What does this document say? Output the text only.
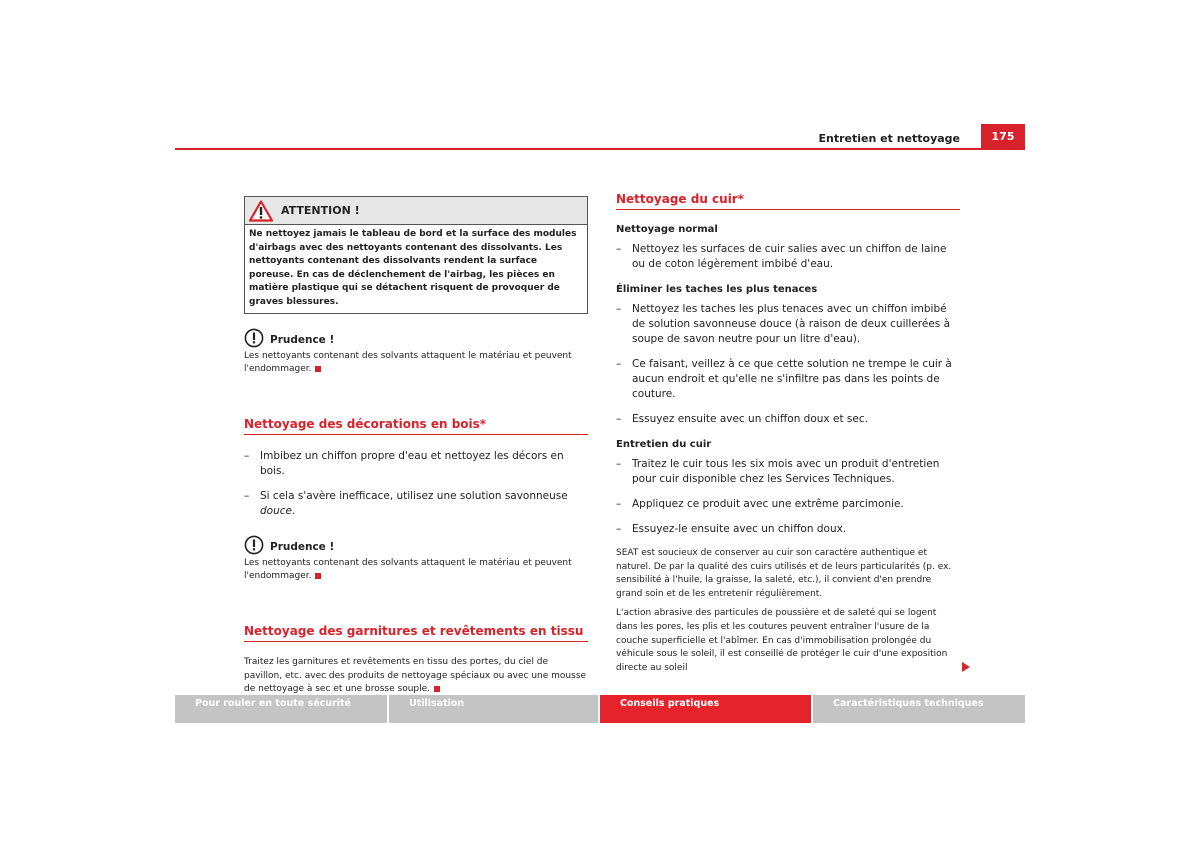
Entretien et nettoyage	175
ATTENTION !
Ne nettoyez jamais le tableau de bord et la surface des modules d'airbags avec des nettoyants contenant des dissolvants. Les nettoyants contenant des dissolvants rendent la surface poreuse. En cas de déclenchement de l'airbag, les pièces en matière plastique qui se détachent risquent de provoquer de graves blessures.
Prudence !
Les nettoyants contenant des solvants attaquent le matériau et peuvent l'endommager.
Nettoyage des décorations en bois*
– Imbibez un chiffon propre d'eau et nettoyez les décors en bois.
– Si cela s'avère inefficace, utilisez une solution savonneuse douce.
Prudence !
Les nettoyants contenant des solvants attaquent le matériau et peuvent l'endommager.
Nettoyage des garnitures et revêtements en tissu
Traitez les garnitures et revêtements en tissu des portes, du ciel de pavillon, etc. avec des produits de nettoyage spéciaux ou avec une mousse de nettoyage à sec et une brosse souple.
Nettoyage du cuir*
Nettoyage normal
– Nettoyez les surfaces de cuir salies avec un chiffon de laine ou de coton légèrement imbibé d'eau.
Éliminer les taches les plus tenaces
– Nettoyez les taches les plus tenaces avec un chiffon imbibé de solution savonneuse douce (à raison de deux cuillerées à soupe de savon neutre pour un litre d'eau).
– Ce faisant, veillez à ce que cette solution ne trempe le cuir à aucun endroit et qu'elle ne s'infiltre pas dans les points de couture.
– Essuyez ensuite avec un chiffon doux et sec.
Entretien du cuir
– Traitez le cuir tous les six mois avec un produit d'entretien pour cuir disponible chez les Services Techniques.
– Appliquez ce produit avec une extrême parcimonie.
– Essuyez-le ensuite avec un chiffon doux.
SEAT est soucieux de conserver au cuir son caractère authentique et naturel. De par la qualité des cuirs utilisés et de leurs particularités (p. ex. sensibilité à l'huile, la graisse, la saleté, etc.), il convient d'en prendre grand soin et de les entretenir régulièrement.
L'action abrasive des particules de poussière et de saleté qui se logent dans les pores, les plis et les coutures peuvent entraîner l'usure de la couche superficielle et l'abîmer. En cas d'immobilisation prolongée du véhicule sous le soleil, il est conseillé de protéger le cuir d'une exposition directe au soleil
Pour rouler en toute sécurité	Utilisation	Conseils pratiques	Caractéristiques techniques
